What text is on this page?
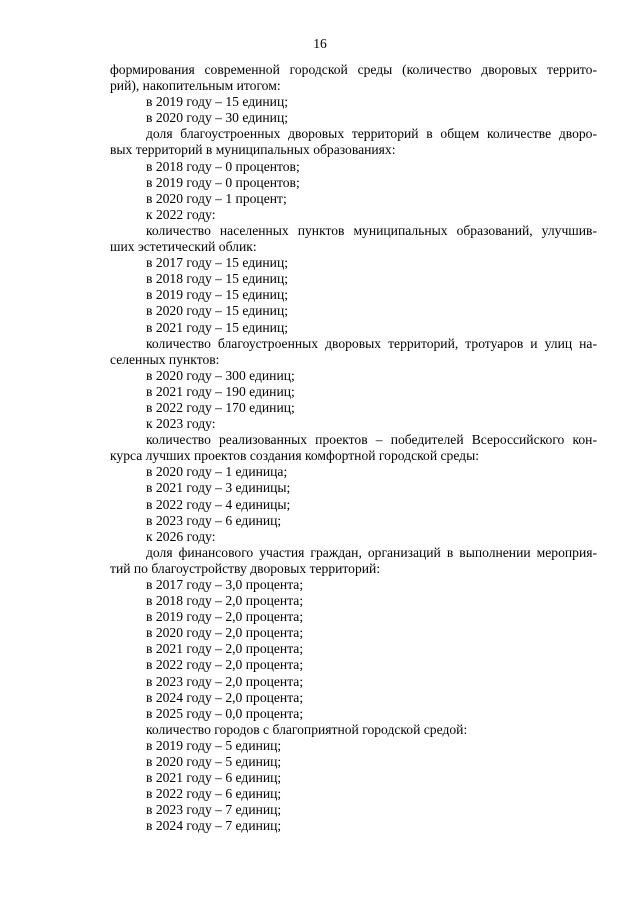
16
формирования современной городской среды (количество дворовых террито-
рий), накопительным итогом:
в 2019 году – 15 единиц;
в 2020 году – 30 единиц;
доля благоустроенных дворовых территорий в общем количестве дворо-
вых территорий в муниципальных образованиях:
в 2018 году – 0 процентов;
в 2019 году – 0 процентов;
в 2020 году – 1 процент;
к 2022 году:
количество населенных пунктов муниципальных образований, улучшив-
ших эстетический облик:
в 2017 году – 15 единиц;
в 2018 году – 15 единиц;
в 2019 году – 15 единиц;
в 2020 году – 15 единиц;
в 2021 году – 15 единиц;
количество благоустроенных дворовых территорий, тротуаров и улиц на-
селенных пунктов:
в 2020 году – 300 единиц;
в 2021 году – 190 единиц;
в 2022 году – 170 единиц;
к 2023 году:
количество реализованных проектов – победителей Всероссийского кон-
курса лучших проектов создания комфортной городской среды:
в 2020 году – 1 единица;
в 2021 году – 3 единицы;
в 2022 году – 4 единицы;
в 2023 году – 6 единиц;
к 2026 году:
доля финансового участия граждан, организаций в выполнении мероприя-
тий по благоустройству дворовых территорий:
в 2017 году – 3,0 процента;
в 2018 году – 2,0 процента;
в 2019 году – 2,0 процента;
в 2020 году – 2,0 процента;
в 2021 году – 2,0 процента;
в 2022 году – 2,0 процента;
в 2023 году – 2,0 процента;
в 2024 году – 2,0 процента;
в 2025 году – 0,0 процента;
количество городов с благоприятной городской средой:
в 2019 году – 5 единиц;
в 2020 году – 5 единиц;
в 2021 году – 6 единиц;
в 2022 году – 6 единиц;
в 2023 году – 7 единиц;
в 2024 году – 7 единиц;
